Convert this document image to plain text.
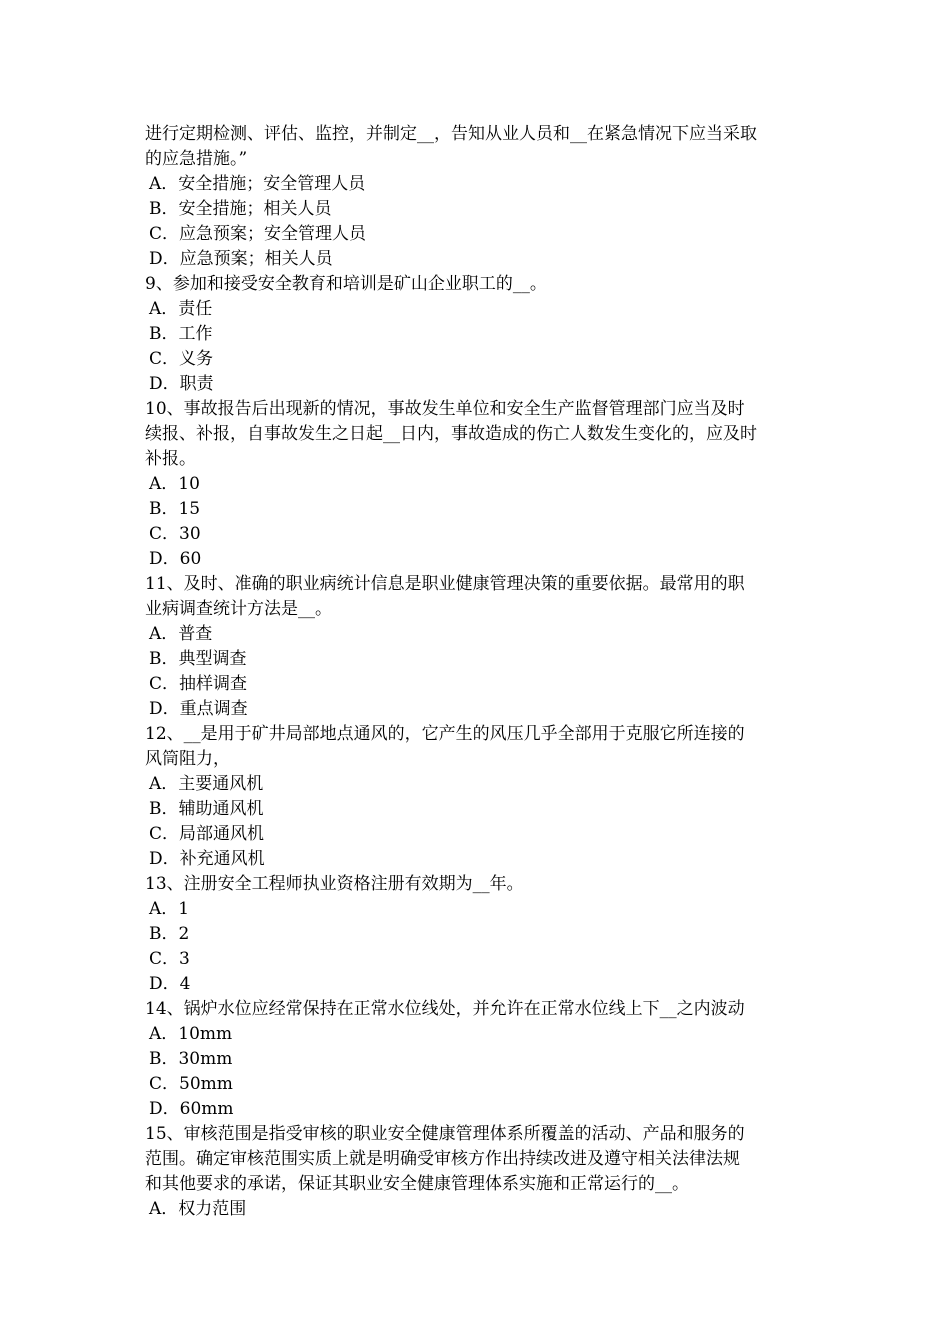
进行定期检测、评估、监控，并制定__，告知从业人员和__在紧急情况下应当采取
的应急措施。”
A．安全措施；安全管理人员
B．安全措施；相关人员
C．应急预案；安全管理人员
D．应急预案；相关人员
9、参加和接受安全教育和培训是矿山企业职工的__。
A．责任
B．工作
C．义务
D．职责
10、事故报告后出现新的情况，事故发生单位和安全生产监督管理部门应当及时
续报、补报，自事故发生之日起__日内，事故造成的伤亡人数发生变化的，应及时
补报。
A．10
B．15
C．30
D．60
11、及时、准确的职业病统计信息是职业健康管理决策的重要依据。最常用的职
业病调查统计方法是__。
A．普查
B．典型调查
C．抽样调查
D．重点调查
12、__是用于矿井局部地点通风的，它产生的风压几乎全部用于克服它所连接的
风筒阻力，
A．主要通风机
B．辅助通风机
C．局部通风机
D．补充通风机
13、注册安全工程师执业资格注册有效期为__年。
A．1
B．2
C．3
D．4
14、锅炉水位应经常保持在正常水位线处，并允许在正常水位线上下__之内波动
A．10mm
B．30mm
C．50mm
D．60mm
15、审核范围是指受审核的职业安全健康管理体系所覆盖的活动、产品和服务的
范围。确定审核范围实质上就是明确受审核方作出持续改进及遵守相关法律法规
和其他要求的承诺，保证其职业安全健康管理体系实施和正常运行的__。
A．权力范围
